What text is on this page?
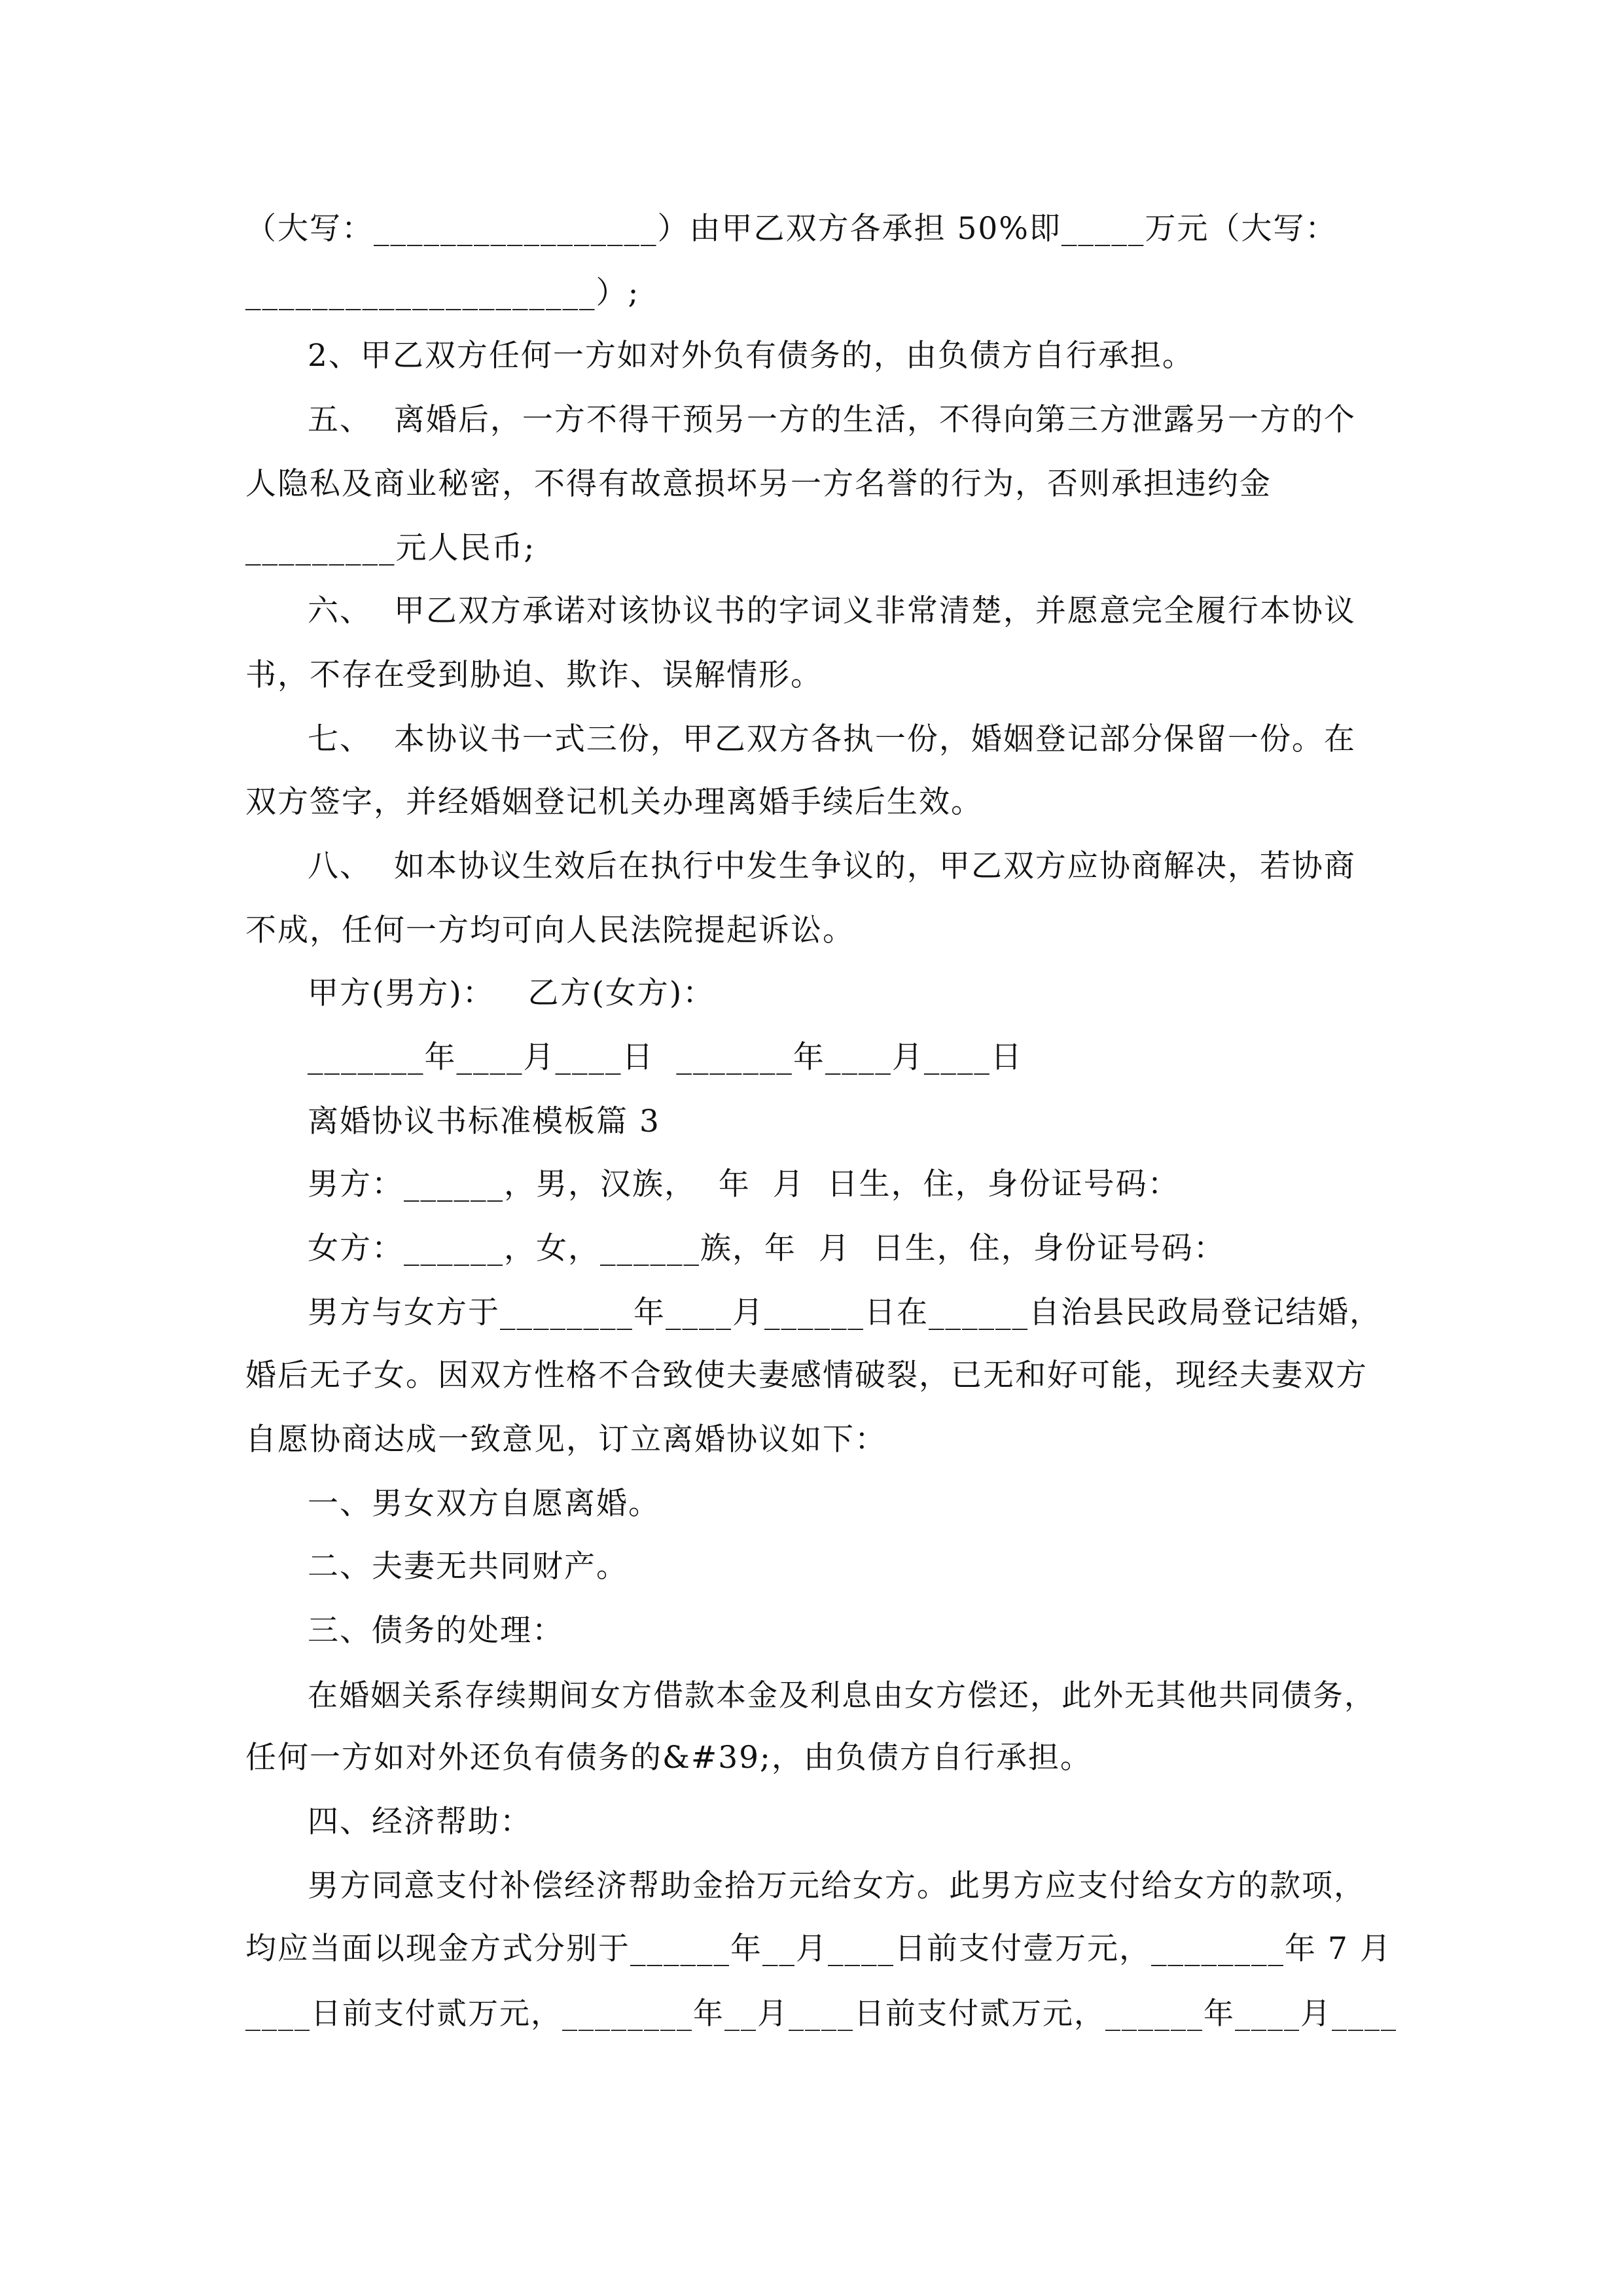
（大写：_________________）由甲乙双方各承担 50%即_____万元（大写：
_____________________）;
2、甲乙双方任何一方如对外负有债务的，由负债方自行承担。
五、  离婚后，一方不得干预另一方的生活，不得向第三方泄露另一方的个
人隐私及商业秘密，不得有故意损坏另一方名誉的行为，否则承担违约金
_________元人民币;
六、  甲乙双方承诺对该协议书的字词义非常清楚，并愿意完全履行本协议
书，不存在受到胁迫、欺诈、误解情形。
七、  本协议书一式三份，甲乙双方各执一份，婚姻登记部分保留一份。在
双方签字，并经婚姻登记机关办理离婚手续后生效。
八、  如本协议生效后在执行中发生争议的，甲乙双方应协商解决，若协商
不成，任何一方均可向人民法院提起诉讼。
甲方(男方)：   乙方(女方)：
_______年____月____日  _______年____月____日
离婚协议书标准模板篇 3
男方：______，男，汉族，  年  月  日生，住，身份证号码：
女方：______，女，______族，年  月  日生，住，身份证号码：
男方与女方于________年____月______日在______自治县民政局登记结婚，
婚后无子女。因双方性格不合致使夫妻感情破裂，已无和好可能，现经夫妻双方
自愿协商达成一致意见，订立离婚协议如下：
一、男女双方自愿离婚。
二、夫妻无共同财产。
三、债务的处理：
在婚姻关系存续期间女方借款本金及利息由女方偿还，此外无其他共同债务，
任何一方如对外还负有债务的&#39;，由负债方自行承担。
四、经济帮助：
男方同意支付补偿经济帮助金拾万元给女方。此男方应支付给女方的款项，
均应当面以现金方式分别于______年__月____日前支付壹万元，________年 7 月
____日前支付贰万元，________年__月____日前支付贰万元，______年____月____
